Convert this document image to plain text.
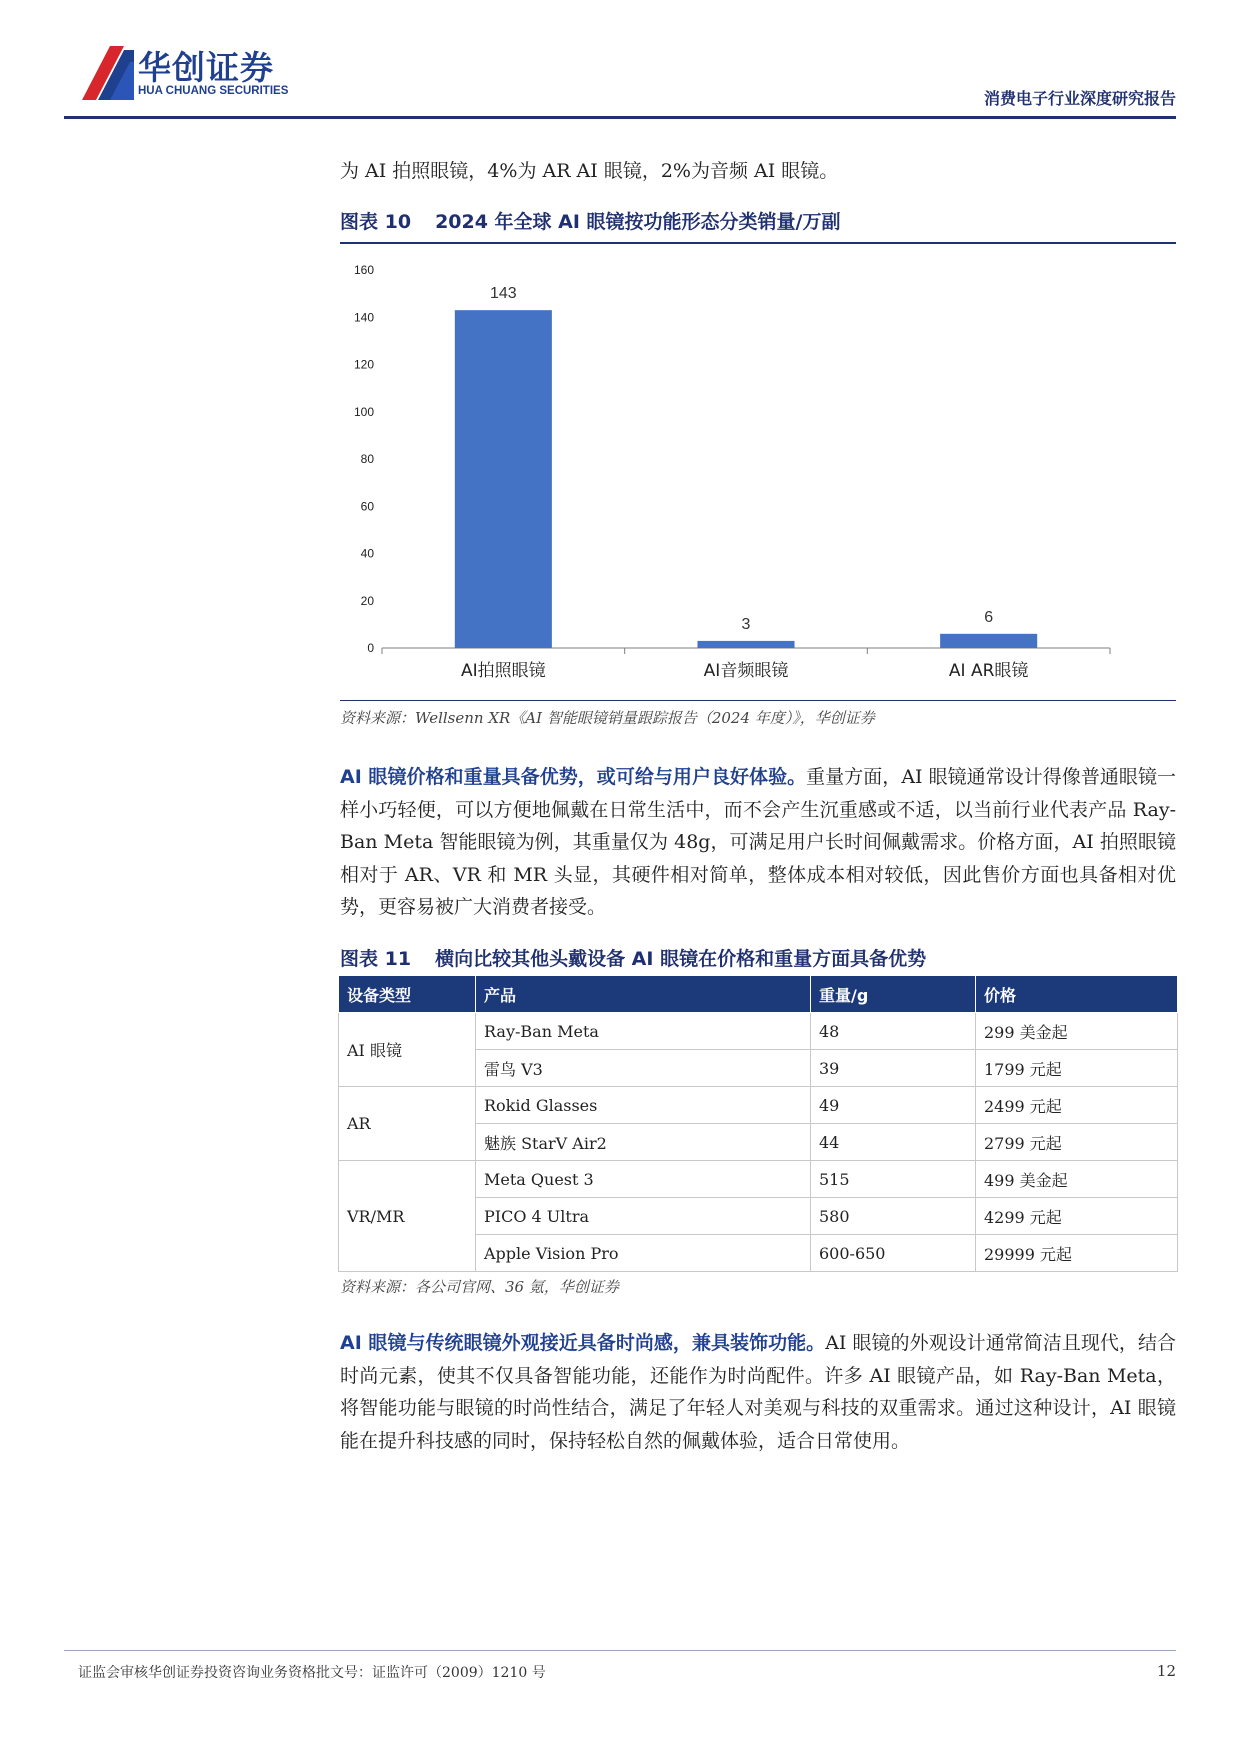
华创证券
HUA CHUANG SECURITIES	消费电子行业深度研究报告
为 AI 拍照眼镜，4%为 AR AI 眼镜，2%为音频 AI 眼镜。
图表 10 2024 年全球 AI 眼镜按功能形态分类销量/万副
0
20
40
60
80
100
120
140
160
143
AI拍照眼镜
3
AI音频眼镜
6
AI AR眼镜
资料来源：Wellsenn XR《AI 智能眼镜销量跟踪报告（2024 年度）》，华创证券
AI 眼镜价格和重量具备优势，或可给与用户良好体验。重量方面，AI 眼镜通常设计得像普通眼镜一样小巧轻便，可以方便地佩戴在日常生活中，而不会产生沉重感或不适，以当前行业代表产品 Ray-Ban Meta 智能眼镜为例，其重量仅为 48g，可满足用户长时间佩戴需求。价格方面，AI 拍照眼镜相对于 AR、VR 和 MR 头显，其硬件相对简单，整体成本相对较低，因此售价方面也具备相对优势，更容易被广大消费者接受。
图表 11 横向比较其他头戴设备 AI 眼镜在价格和重量方面具备优势
设备类型	产品	重量/g	价格
AI 眼镜	Ray-Ban Meta	48	299 美金起
	雷鸟 V3	39	1799 元起
AR	Rokid Glasses	49	2499 元起
	魅族 StarV Air2	44	2799 元起
VR/MR	Meta Quest 3	515	499 美金起
	PICO 4 Ultra	580	4299 元起
	Apple Vision Pro	600-650	29999 元起
资料来源：各公司官网、36 氪，华创证券
AI 眼镜与传统眼镜外观接近具备时尚感，兼具装饰功能。AI 眼镜的外观设计通常简洁且现代，结合时尚元素，使其不仅具备智能功能，还能作为时尚配件。许多 AI 眼镜产品，如 Ray-Ban Meta，将智能功能与眼镜的时尚性结合，满足了年轻人对美观与科技的双重需求。通过这种设计，AI 眼镜能在提升科技感的同时，保持轻松自然的佩戴体验，适合日常使用。
证监会审核华创证券投资咨询业务资格批文号：证监许可（2009）1210 号	12
